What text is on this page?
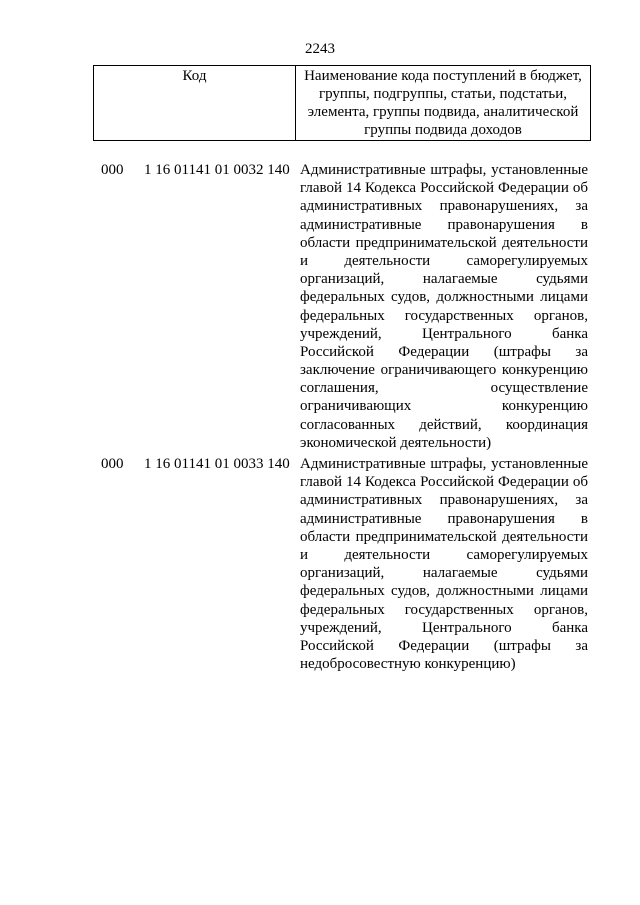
2243
Код	Наименование кода поступлений в бюджет, группы, подгруппы, статьи, подстатьи, элемента, группы подвида, аналитической группы подвида доходов
000 1 16 01141 01 0032 140 Административные штрафы, установленные
главой 14 Кодекса Российской Федерации об
административных правонарушениях, за
административные правонарушения в
области предпринимательской деятельности
и деятельности саморегулируемых
организаций, налагаемые судьями
федеральных судов, должностными лицами
федеральных государственных органов,
учреждений, Центрального банка
Российской Федерации (штрафы за
заключение ограничивающего конкуренцию
соглашения, осуществление
ограничивающих конкуренцию
согласованных действий, координация
экономической деятельности)
000 1 16 01141 01 0033 140 Административные штрафы, установленные
главой 14 Кодекса Российской Федерации об
административных правонарушениях, за
административные правонарушения в
области предпринимательской деятельности
и деятельности саморегулируемых
организаций, налагаемые судьями
федеральных судов, должностными лицами
федеральных государственных органов,
учреждений, Центрального банка
Российской Федерации (штрафы за
недобросовестную конкуренцию)
